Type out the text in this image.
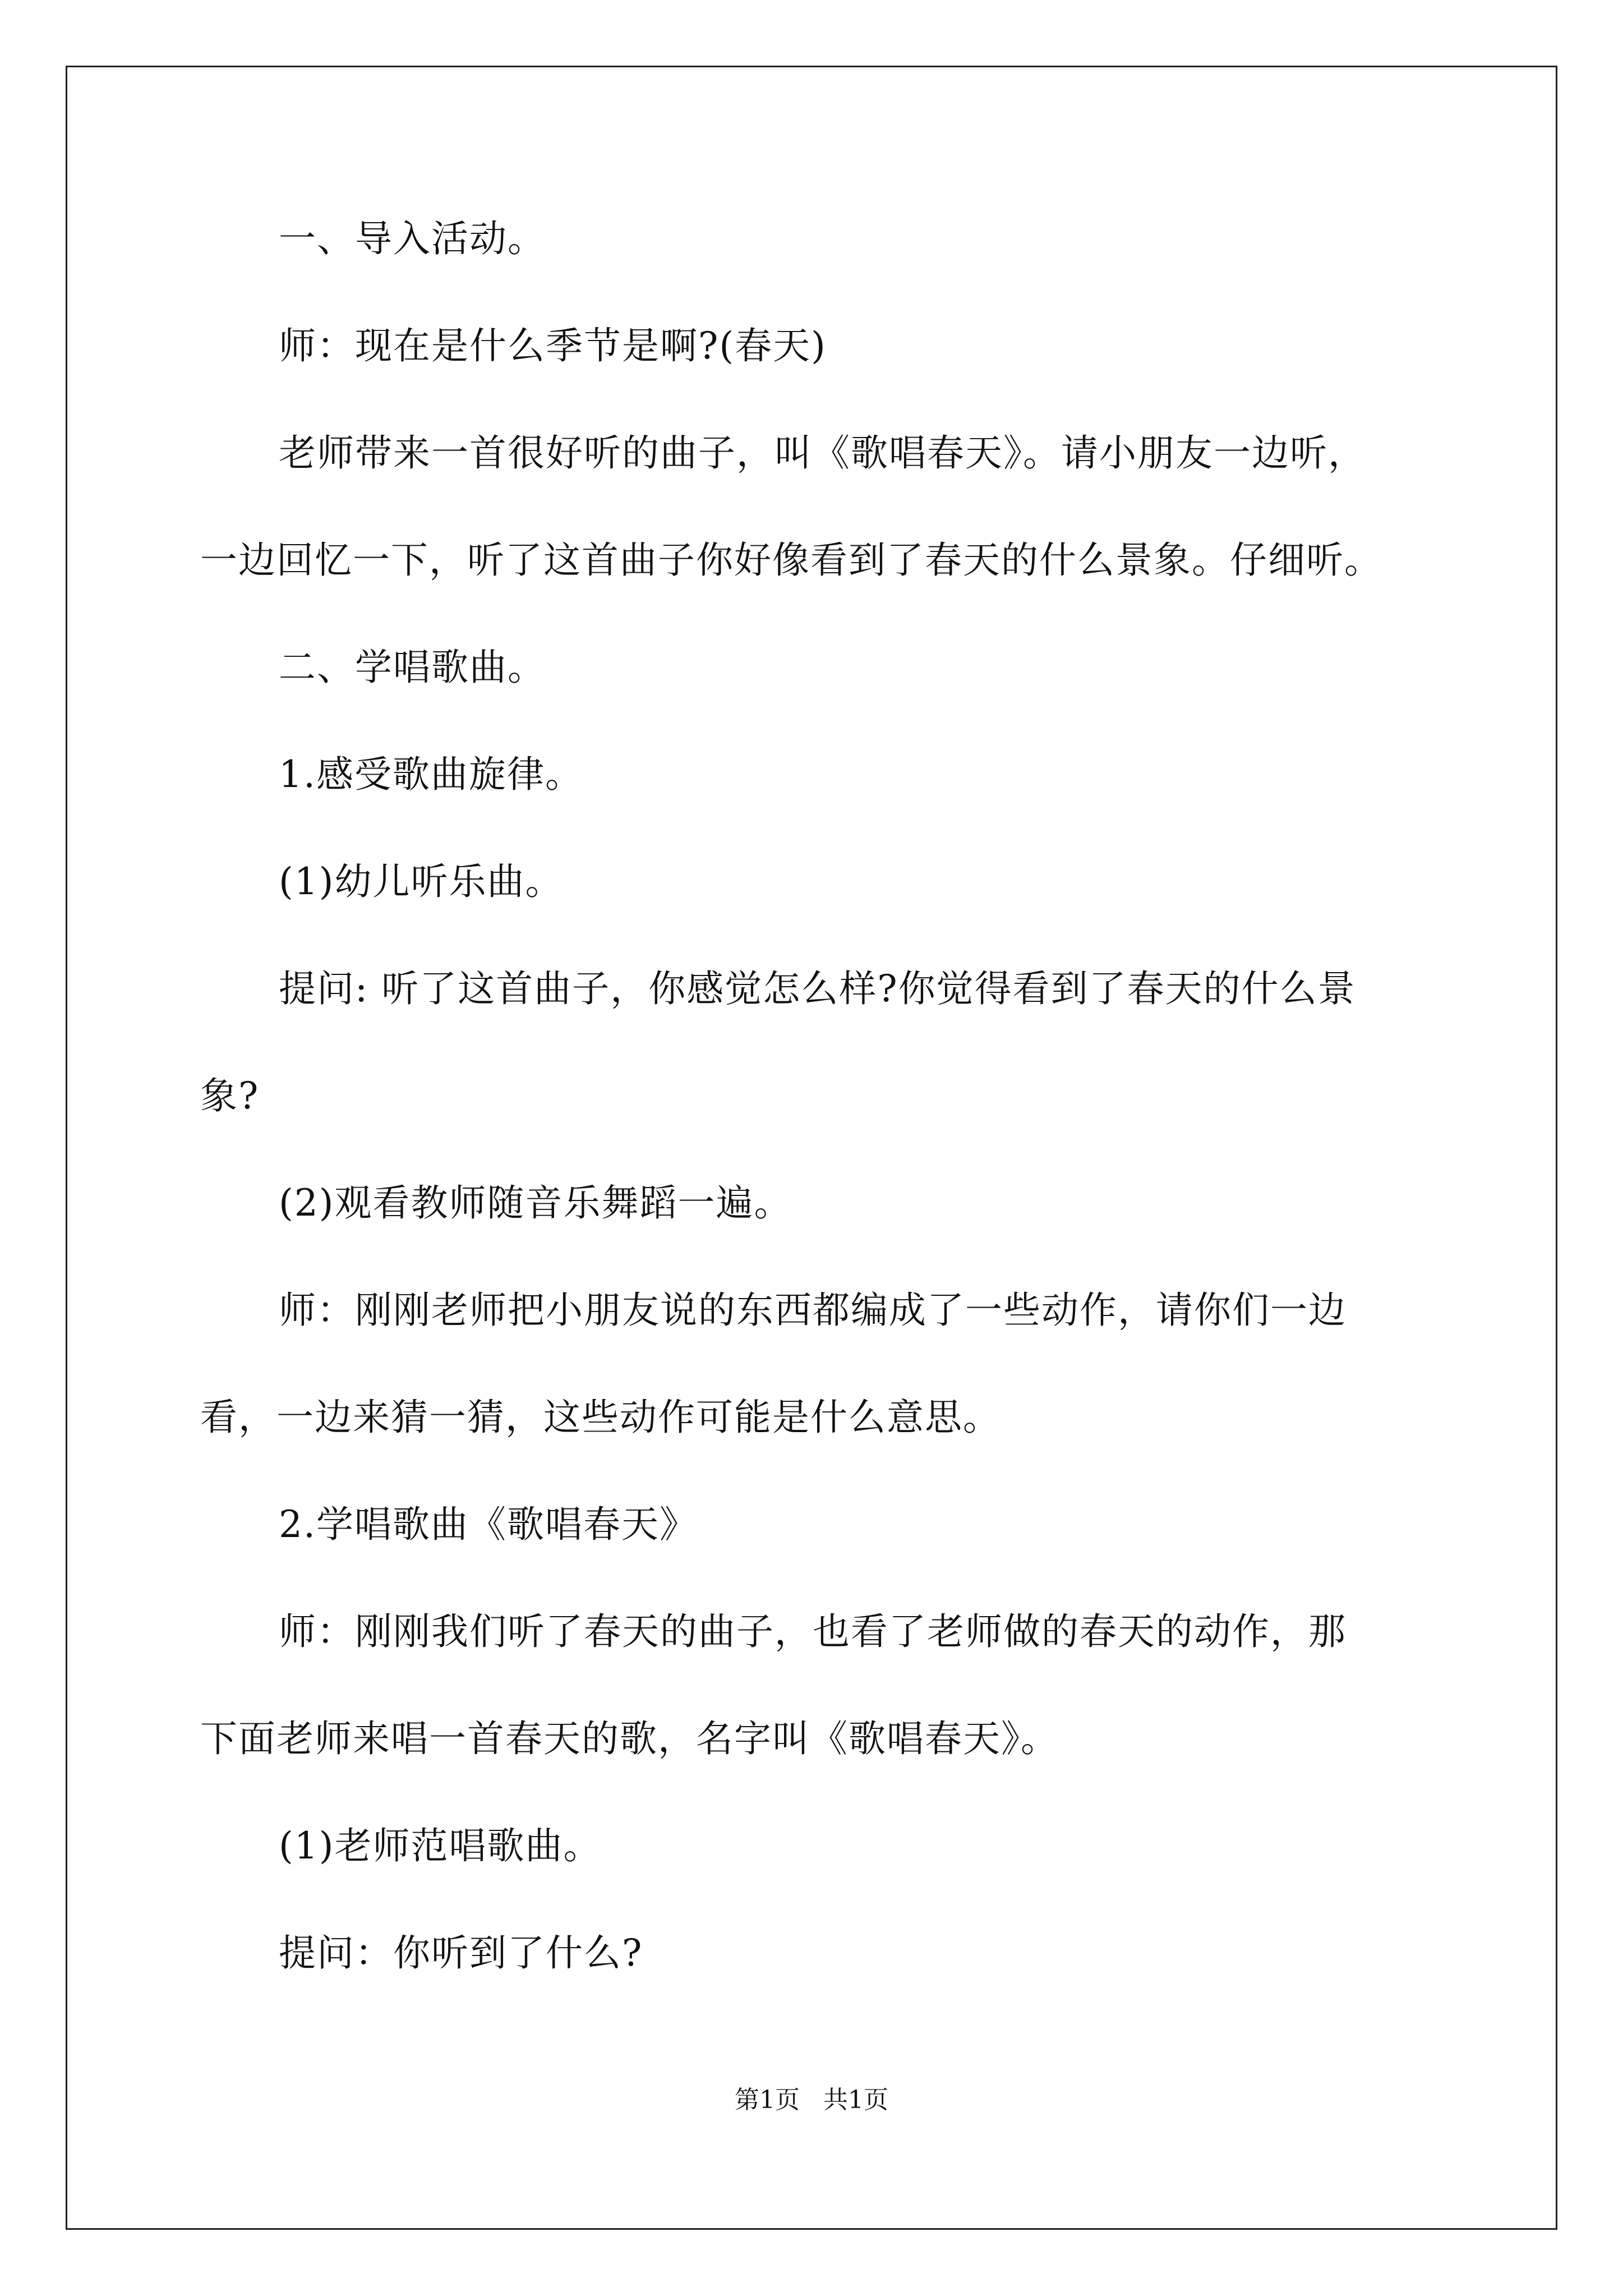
一、导入活动。
师：现在是什么季节是啊?(春天)
老师带来一首很好听的曲子，叫《歌唱春天》。请小朋友一边听，
一边回忆一下，听了这首曲子你好像看到了春天的什么景象。仔细听。
二、学唱歌曲。
1.感受歌曲旋律。
(1)幼儿听乐曲。
提问: 听了这首曲子，你感觉怎么样?你觉得看到了春天的什么景
象?
(2)观看教师随音乐舞蹈一遍。
师：刚刚老师把小朋友说的东西都编成了一些动作，请你们一边
看，一边来猜一猜，这些动作可能是什么意思。
2.学唱歌曲《歌唱春天》
师：刚刚我们听了春天的曲子，也看了老师做的春天的动作，那
下面老师来唱一首春天的歌，名字叫《歌唱春天》。
(1)老师范唱歌曲。
提问：你听到了什么?
第1页   共1页
